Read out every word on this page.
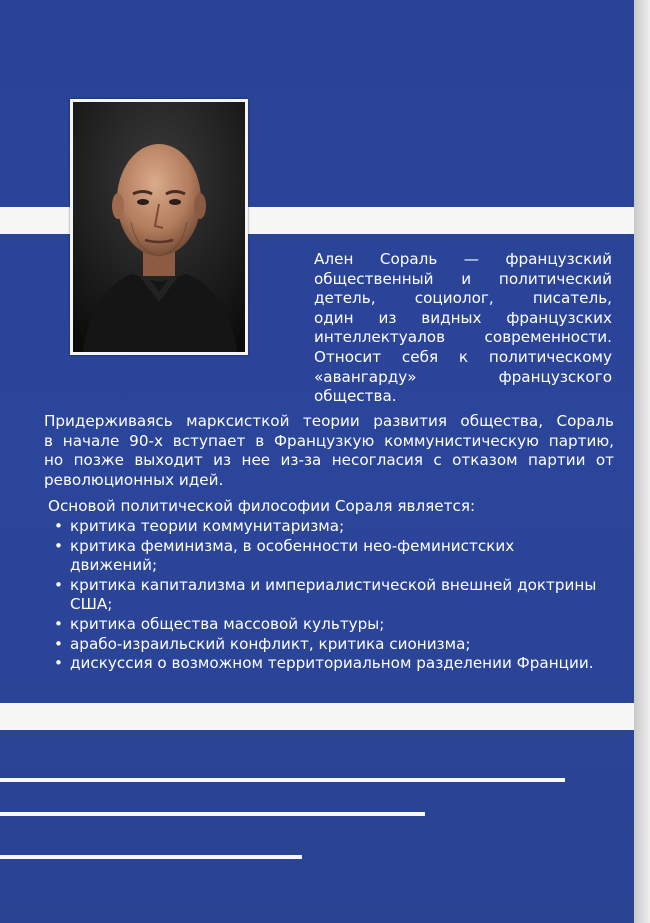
Ален Сораль — французский
общественный и политический
детель, социолог, писатель,
один из видных французских
интеллектуалов современности.
Относит себя к политическому
«авангарду» французского
общества.
Придерживаясь марксисткой теории развития общества, Сораль
в начале 90-х вступает в Французкую коммунистическую партию,
но позже выходит из нее из-за несогласия с отказом партии от
революционных идей.
Основой политической философии Сораля является:
• критика теории коммунитаризма;
• критика феминизма, в особенности нео-феминистских
движений;
• критика капитализма и империалистической внешней доктрины
США;
• критика общества массовой культуры;
• арабо-израильский конфликт, критика сионизма;
• дискуссия о возможном территориальном разделении Франции.
